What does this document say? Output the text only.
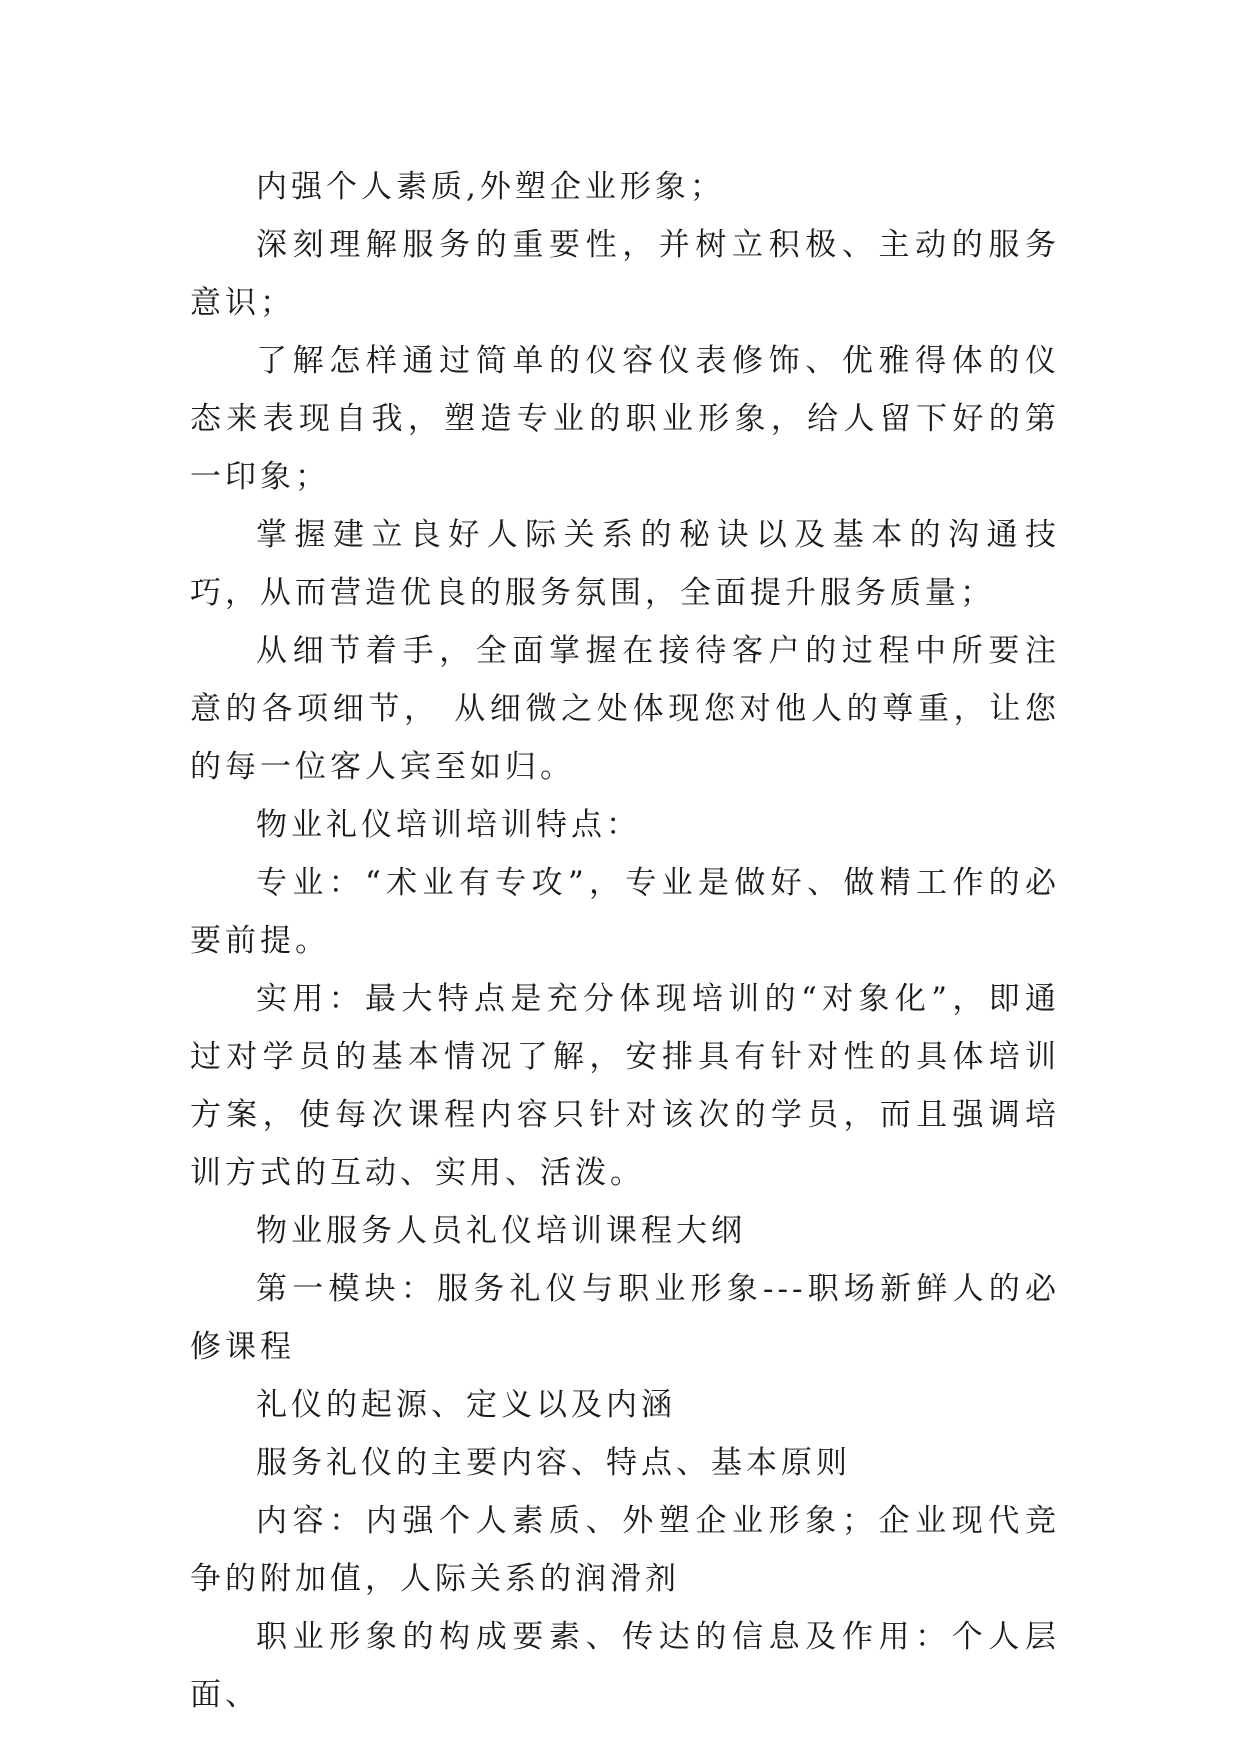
内强个人素质,外塑企业形象；

深刻理解服务的重要性，并树立积极、主动的服务意识；

了解怎样通过简单的仪容仪表修饰、优雅得体的仪态来表现自我，塑造专业的职业形象，给人留下好的第一印象；

掌握建立良好人际关系的秘诀以及基本的沟通技巧，从而营造优良的服务氛围，全面提升服务质量；

从细节着手，全面掌握在接待客户的过程中所要注意的各项细节， 从细微之处体现您对他人的尊重，让您的每一位客人宾至如归。

物业礼仪培训培训特点：

专业：“术业有专攻”，专业是做好、做精工作的必要前提。

实用：最大特点是充分体现培训的“对象化”，即通过对学员的基本情况了解，安排具有针对性的具体培训方案，使每次课程内容只针对该次的学员，而且强调培训方式的互动、实用、活泼。

物业服务人员礼仪培训课程大纲

第一模块：服务礼仪与职业形象---职场新鲜人的必修课程

礼仪的起源、定义以及内涵

服务礼仪的主要内容、特点、基本原则

内容：内强个人素质、外塑企业形象；企业现代竞争的附加值，人际关系的润滑剂

职业形象的构成要素、传达的信息及作用：个人层面、
